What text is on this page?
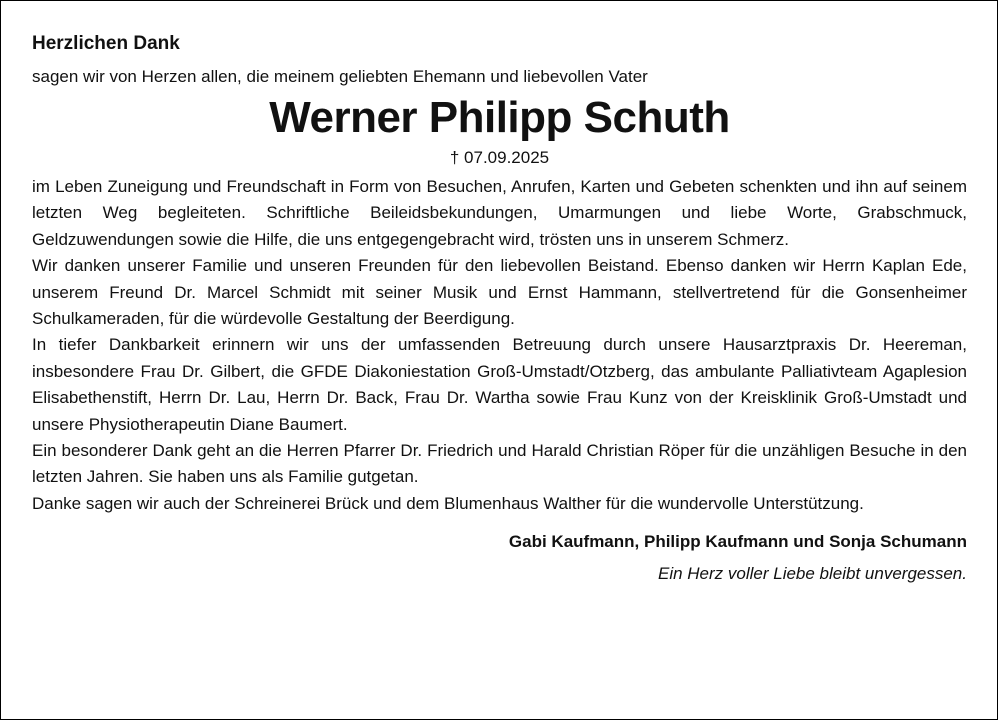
Herzlichen Dank

sagen wir von Herzen allen, die meinem geliebten Ehemann und liebevollen Vater

Werner Philipp Schuth

† 07.09.2025

im Leben Zuneigung und Freundschaft in Form von Besuchen, Anrufen, Karten und Gebeten schenkten und ihn auf seinem letzten Weg begleiteten. Schriftliche Beileidsbekundungen, Umarmungen und liebe Worte, Grabschmuck, Geldzuwendungen sowie die Hilfe, die uns entgegengebracht wird, trösten uns in unserem Schmerz.

Wir danken unserer Familie und unseren Freunden für den liebevollen Beistand. Ebenso danken wir Herrn Kaplan Ede, unserem Freund Dr. Marcel Schmidt mit seiner Musik und Ernst Hammann, stellvertretend für die Gonsenheimer Schulkameraden, für die würdevolle Gestaltung der Beerdigung.

In tiefer Dankbarkeit erinnern wir uns der umfassenden Betreuung durch unsere Hausarztpraxis Dr. Heereman, insbesondere Frau Dr. Gilbert, die GFDE Diakoniestation Groß-Umstadt/Otzberg, das ambulante Palliativteam Agaplesion Elisabethenstift, Herrn Dr. Lau, Herrn Dr. Back, Frau Dr. Wartha sowie Frau Kunz von der Kreisklinik Groß-Umstadt und unsere Physiotherapeutin Diane Baumert.

Ein besonderer Dank geht an die Herren Pfarrer Dr. Friedrich und Harald Christian Röper für die unzähligen Besuche in den letzten Jahren. Sie haben uns als Familie gutgetan.

Danke sagen wir auch der Schreinerei Brück und dem Blumenhaus Walther für die wundervolle Unterstützung.

Gabi Kaufmann, Philipp Kaufmann und Sonja Schumann

Ein Herz voller Liebe bleibt unvergessen.
